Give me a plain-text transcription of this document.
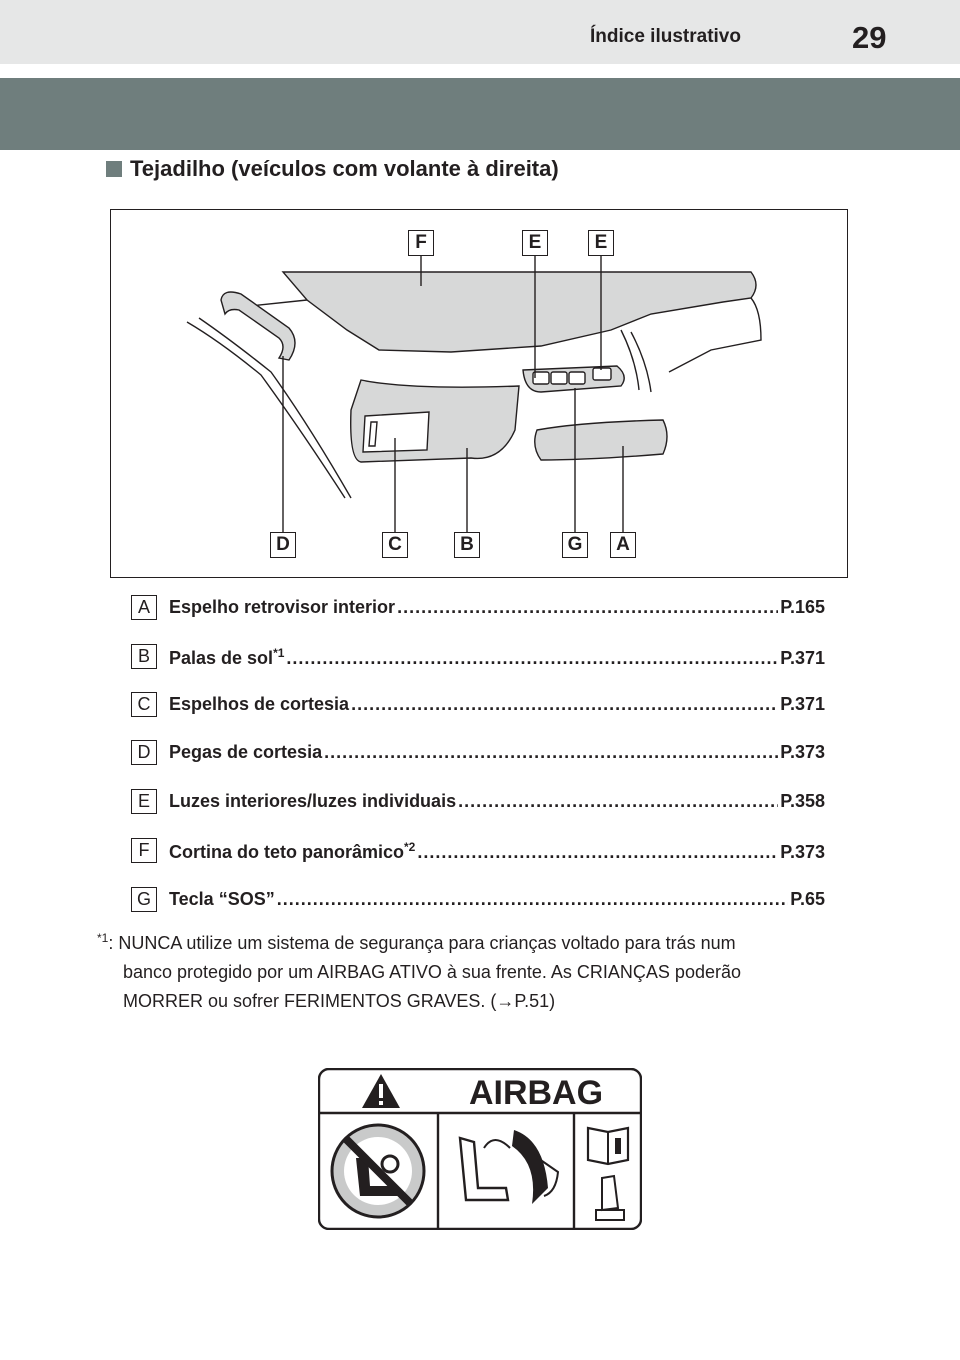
Índice ilustrativo	29
Tejadilho (veículos com volante à direita)
F	E	E
D	C	B	G	A
A	Espelho retrovisor interior .....	P.165
B	Palas de sol$^{*1}$ .....	P.371
C	Espelhos de cortesia .....	P.371
D	Pegas de cortesia .....	P.373
E	Luzes interiores/luzes individuais .....	P.358
F	Cortina do teto panorâmico$^{*2}$ .....	P.373
G	Tecla “SOS” .....	P.65
$^{*1}$: NUNCA utilize um sistema de segurança para crianças voltado para trás num
banco protegido por um AIRBAG ATIVO à sua frente. As CRIANÇAS poderão
MORRER ou sofrer FERIMENTOS GRAVES. (→P.51)
AIRBAG
